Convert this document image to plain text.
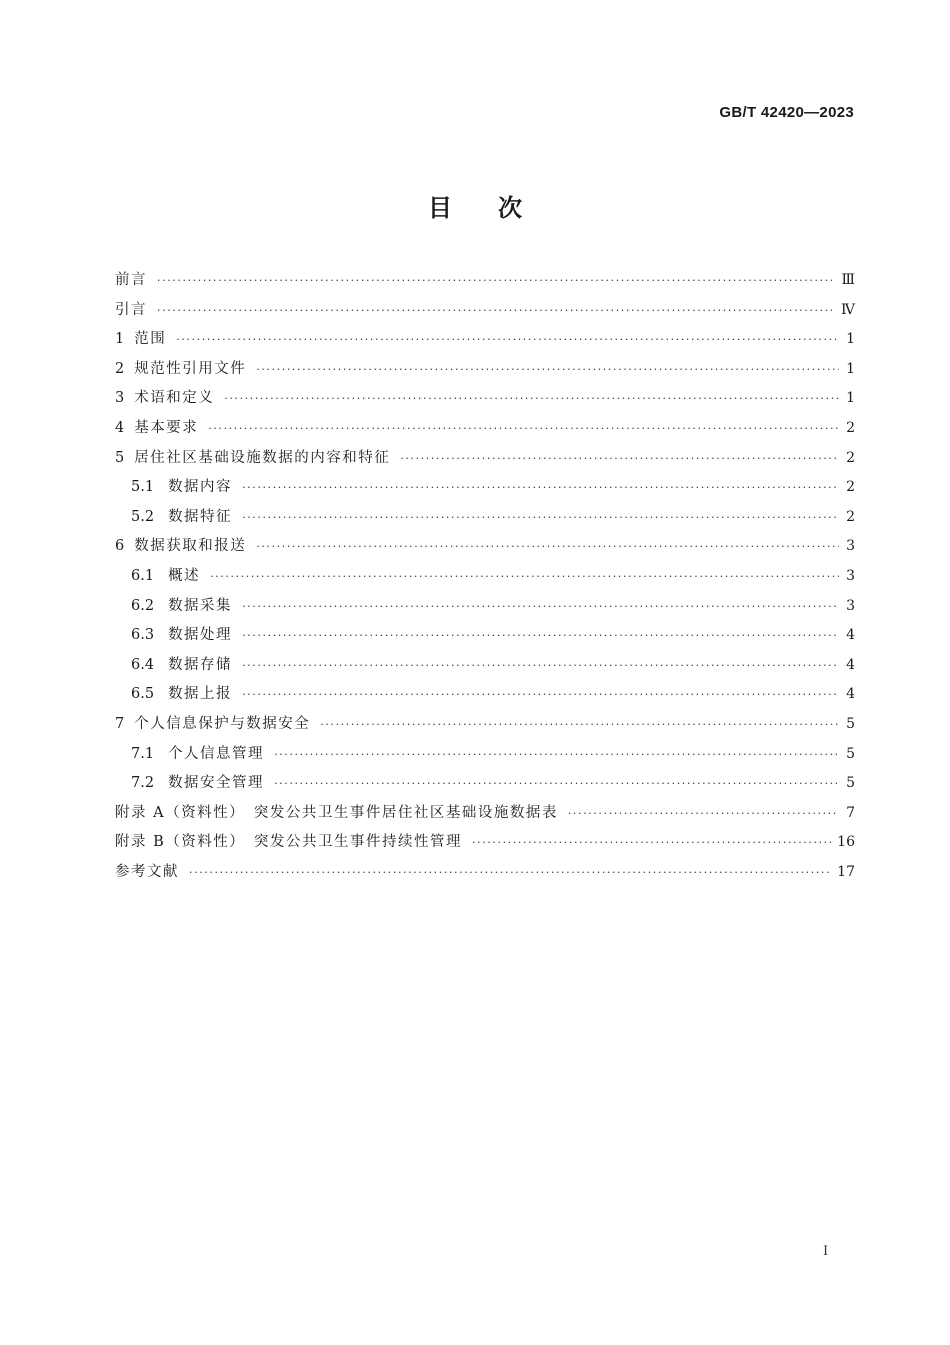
GB/T 42420—2023
目 次
前言 ·····	Ⅲ
引言 ·····	Ⅳ
1 范围 ·····	1
2 规范性引用文件 ·····	1
3 术语和定义 ·····	1
4 基本要求 ·····	2
5 居住社区基础设施数据的内容和特征 ·····	2
5.1 数据内容 ·····	2
5.2 数据特征 ·····	2
6 数据获取和报送 ·····	3
6.1 概述 ·····	3
6.2 数据采集 ·····	3
6.3 数据处理 ·····	4
6.4 数据存储 ·····	4
6.5 数据上报 ·····	4
7 个人信息保护与数据安全 ·····	5
7.1 个人信息管理 ·····	5
7.2 数据安全管理 ·····	5
附录 A（资料性）　突发公共卫生事件居住社区基础设施数据表 ·····	7
附录 B（资料性）　突发公共卫生事件持续性管理 ·····	16
参考文献 ·····	17
Ⅰ
